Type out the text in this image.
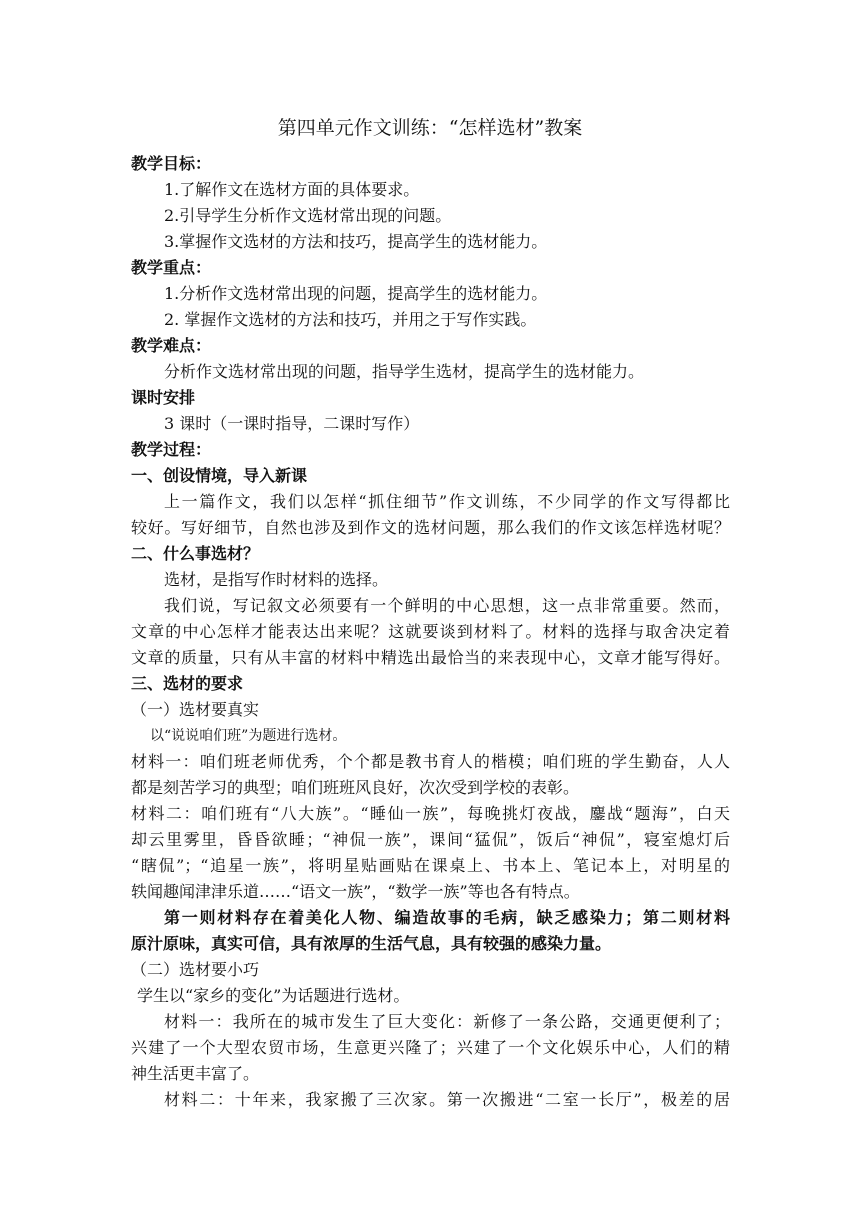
第四单元作文训练：“怎样选材”教案
教学目标：
1.了解作文在选材方面的具体要求。
2.引导学生分析作文选材常出现的问题。
3.掌握作文选材的方法和技巧，提高学生的选材能力。
教学重点：
1.分析作文选材常出现的问题，提高学生的选材能力。
2. 掌握作文选材的方法和技巧，并用之于写作实践。
教学难点：
分析作文选材常出现的问题，指导学生选材，提高学生的选材能力。
课时安排
3 课时（一课时指导，二课时写作）
教学过程：
一、创设情境，导入新课
上一篇作文，我们以怎样“抓住细节”作文训练，不少同学的作文写得都比
较好。写好细节，自然也涉及到作文的选材问题，那么我们的作文该怎样选材呢？
二、什么事选材？
选材，是指写作时材料的选择。
我们说，写记叙文必须要有一个鲜明的中心思想，这一点非常重要。然而，
文章的中心怎样才能表达出来呢？这就要谈到材料了。材料的选择与取舍决定着
文章的质量，只有从丰富的材料中精选出最恰当的来表现中心，文章才能写得好。
三、选材的要求
（一）选材要真实
以“说说咱们班”为题进行选材。
材料一：咱们班老师优秀，个个都是教书育人的楷模；咱们班的学生勤奋，人人
都是刻苦学习的典型；咱们班班风良好，次次受到学校的表彰。
材料二：咱们班有“八大族”。“睡仙一族”，每晚挑灯夜战，鏖战“题海”，白天
却云里雾里，昏昏欲睡；“神侃一族”，课间“猛侃”，饭后“神侃”，寝室熄灯后
“瞎侃”；“追星一族”，将明星贴画贴在课桌上、书本上、笔记本上，对明星的
轶闻趣闻津津乐道……“语文一族”，“数学一族”等也各有特点。
第一则材料存在着美化人物、编造故事的毛病，缺乏感染力；第二则材料
原汁原味，真实可信，具有浓厚的生活气息，具有较强的感染力量。
（二）选材要小巧
学生以“家乡的变化”为话题进行选材。
材料一：我所在的城市发生了巨大变化：新修了一条公路，交通更便利了；
兴建了一个大型农贸市场，生意更兴隆了；兴建了一个文化娱乐中心，人们的精
神生活更丰富了。
材料二：十年来，我家搬了三次家。第一次搬进“二室一长厅”，极差的居
